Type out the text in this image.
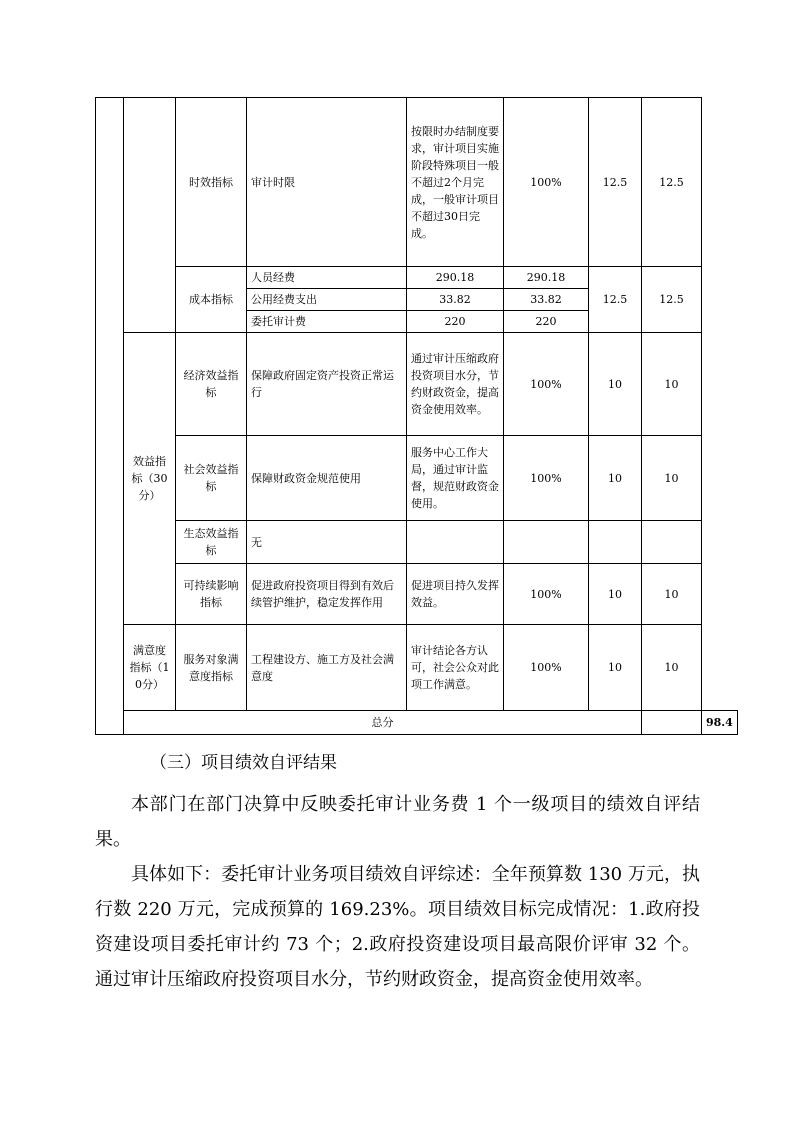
		时效指标	审计时限	按限时办结制度要求，审计项目实施阶段特殊项目一般不超过2个月完成，一般审计项目不超过30日完成。	100%	12.5	12.5	
		成本指标	人员经费	290.18	290.18	12.5	12.5	
			公用经费支出	33.82	33.82			
			委托审计费	220	220			
	效益指标（30分）	经济效益指标	保障政府固定资产投资正常运行	通过审计压缩政府投资项目水分，节约财政资金，提高资金使用效率。	100%	10	10	
		社会效益指标	保障财政资金规范使用	服务中心工作大局，通过审计监督，规范财政资金使用。	100%	10	10	
		生态效益指标	无					
		可持续影响指标	促进政府投资项目得到有效后续管护维护，稳定发挥作用	促进项目持久发挥效益。	100%	10	10	
	满意度指标（10分）	服务对象满意度指标	工程建设方、施工方及社会满意度	审计结论各方认可，社会公众对此项工作满意。	100%	10	10	
	总分							98.4
（三）项目绩效自评结果

本部门在部门决算中反映委托审计业务费 1 个一级项目的绩效自评结果。

具体如下：委托审计业务项目绩效自评综述：全年预算数 130 万元，执行数 220 万元，完成预算的 169.23%。项目绩效目标完成情况：1.政府投资建设项目委托审计约 73 个；2.政府投资建设项目最高限价评审 32 个。通过审计压缩政府投资项目水分，节约财政资金，提高资金使用效率。
